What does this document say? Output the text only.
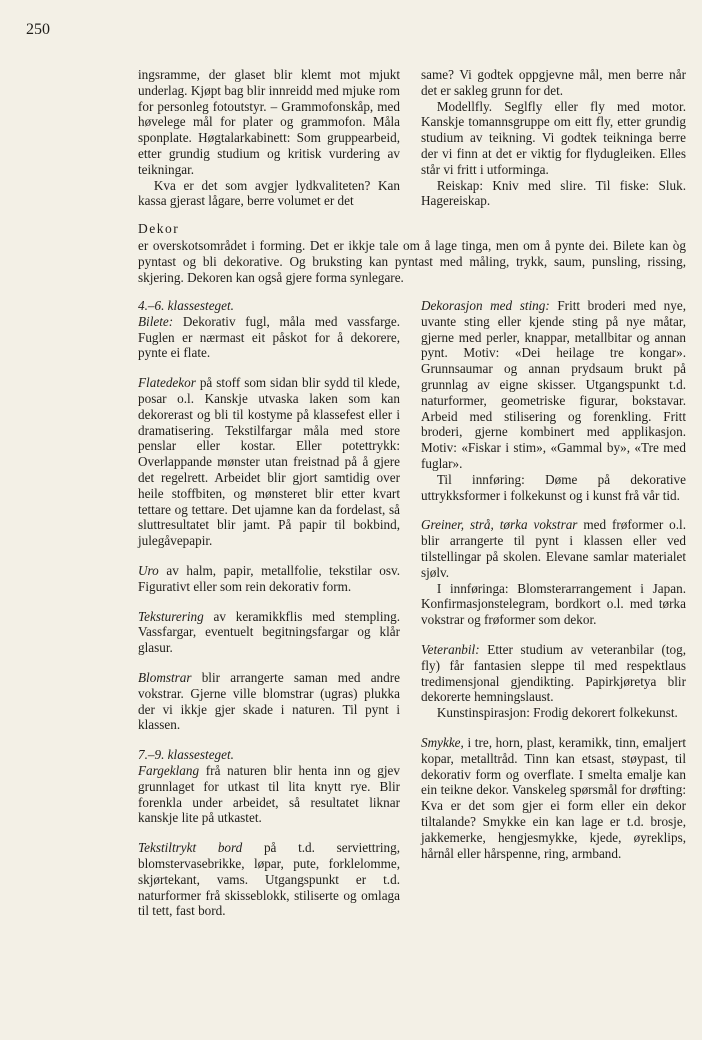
250

ingsramme, der glaset blir klemt mot mjukt underlag. Kjøpt bag blir innreidd med mjuke rom for personleg fotoutstyr. – Grammofonskåp, med høvelege mål for plater og grammofon. Måla sponplate. Høgtalarkabinett: Som gruppearbeid, etter grundig studium og kritisk vurdering av teikningar.

Kva er det som avgjer lydkvaliteten? Kan kassa gjerast lågare, berre volumet er det

same? Vi godtek oppgjevne mål, men berre når det er sakleg grunn for det.

Modellfly. Seglfly eller fly med motor. Kanskje tomannsgruppe om eitt fly, etter grundig studium av teikning. Vi godtek teikninga berre der vi finn at det er viktig for flydugleiken. Elles står vi fritt i utforminga.

Reiskap: Kniv med slire. Til fiske: Sluk. Hagereiskap.

Dekor

er overskotsområdet i forming. Det er ikkje tale om å lage tinga, men om å pynte dei. Bilete kan òg pyntast og bli dekorative. Og bruksting kan pyntast med måling, trykk, saum, punsling, rissing, skjering. Dekoren kan også gjere forma synlegare.

4.–6. klassesteget.

Bilete: Dekorativ fugl, måla med vassfarge. Fuglen er nærmast eit påskot for å dekorere, pynte ei flate.

Flatedekor på stoff som sidan blir sydd til klede, posar o.l. Kanskje utvaska laken som kan dekorerast og bli til kostyme på klassefest eller i dramatisering. Tekstilfargar måla med store penslar eller kostar. Eller potettrykk: Overlappande mønster utan freistnad på å gjere det regelrett. Arbeidet blir gjort samtidig over heile stoffbiten, og mønsteret blir etter kvart tettare og tettare. Det ujamne kan da fordelast, så sluttresultatet blir jamt. På papir til bokbind, julegåvepapir.

Uro av halm, papir, metallfolie, tekstilar osv. Figurativt eller som rein dekorativ form.

Teksturering av keramikkflis med stempling. Vassfargar, eventuelt begitningsfargar og klår glasur.

Blomstrar blir arrangerte saman med andre vokstrar. Gjerne ville blomstrar (ugras) plukka der vi ikkje gjer skade i naturen. Til pynt i klassen.

7.–9. klassesteget.

Fargeklang frå naturen blir henta inn og gjev grunnlaget for utkast til lita knytt rye. Blir forenkla under arbeidet, så resultatet liknar kanskje lite på utkastet.

Tekstiltrykt bord på t.d. serviettring, blomstervasebrikke, løpar, pute, forklelomme, skjørtekant, vams. Utgangspunkt er t.d. naturformer frå skisseblokk, stiliserte og omlaga til tett, fast bord.

Dekorasjon med sting: Fritt broderi med nye, uvante sting eller kjende sting på nye måtar, gjerne med perler, knappar, metallbitar og annan pynt. Motiv: «Dei heilage tre kongar». Grunnsaumar og annan prydsaum brukt på grunnlag av eigne skisser. Utgangspunkt t.d. naturformer, geometriske figurar, bokstavar. Arbeid med stilisering og forenkling. Fritt broderi, gjerne kombinert med applikasjon. Motiv: «Fiskar i stim», «Gammal by», «Tre med fuglar».

Til innføring: Døme på dekorative uttrykksformer i folkekunst og i kunst frå vår tid.

Greiner, strå, tørka vokstrar med frøformer o.l. blir arrangerte til pynt i klassen eller ved tilstellingar på skolen. Elevane samlar materialet sjølv.

I innføringa: Blomsterarrangement i Japan. Konfirmasjonstelegram, bordkort o.l. med tørka vokstrar og frøformer som dekor.

Veteranbil: Etter studium av veteranbilar (tog, fly) får fantasien sleppe til med respektlaus tredimensjonal gjendikting. Papirkjøretya blir dekorerte hemningslaust.

Kunstinspirasjon: Frodig dekorert folkekunst.

Smykke, i tre, horn, plast, keramikk, tinn, emaljert kopar, metalltråd. Tinn kan etsast, støypast, til dekorativ form og overflate. I smelta emalje kan ein teikne dekor. Vanskeleg spørsmål for drøfting: Kva er det som gjer ei form eller ein dekor tiltalande? Smykke ein kan lage er t.d. brosje, jakkemerke, hengjesmykke, kjede, øyreklips, hårnål eller hårspenne, ring, armband.
